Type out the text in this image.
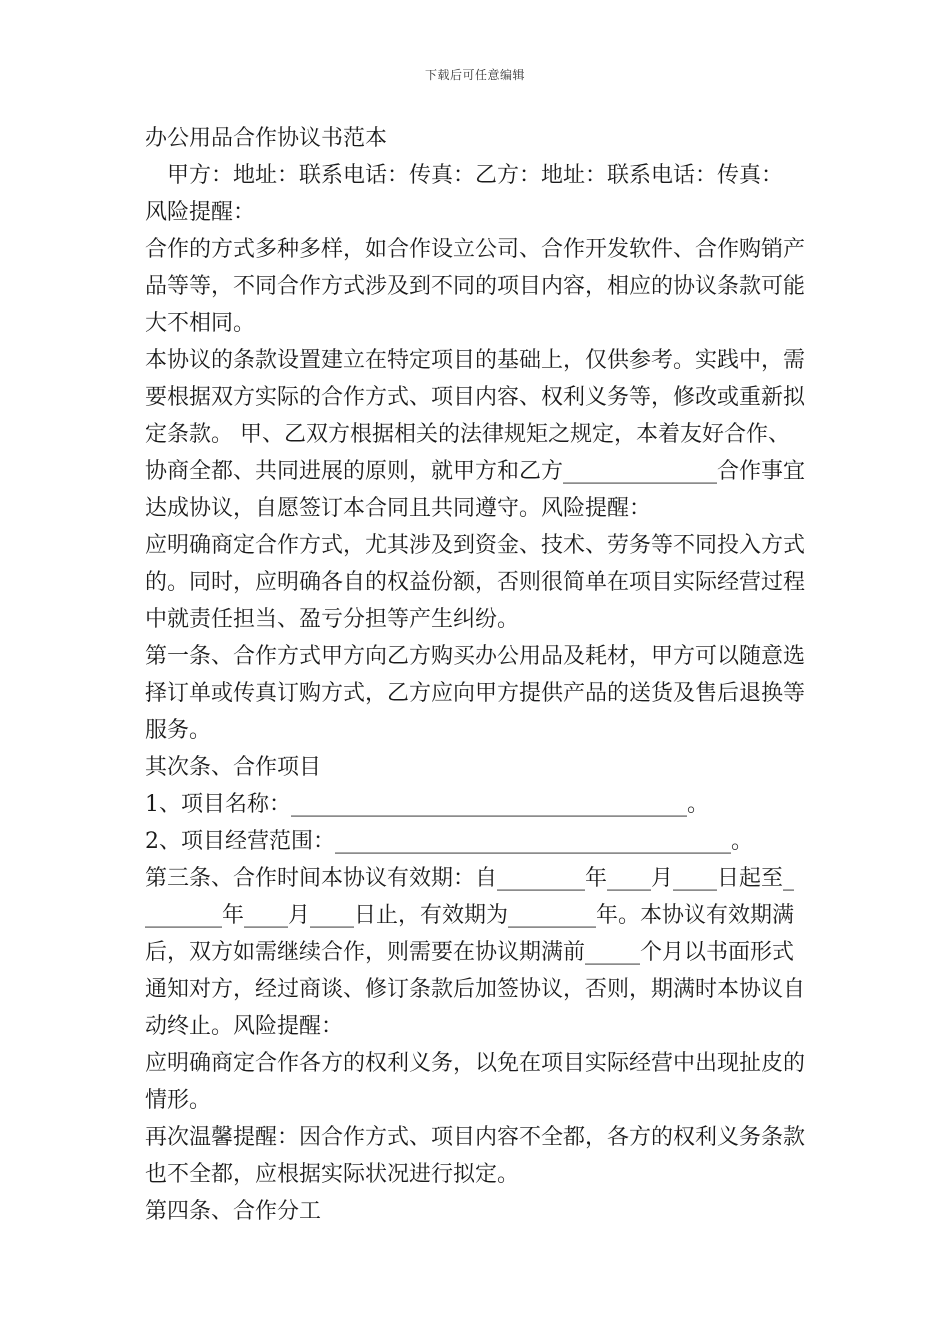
下载后可任意编辑

办公用品合作协议书范本

甲方：地址：联系电话：传真：乙方：地址：联系电话：传真：

风险提醒：

合作的方式多种多样，如合作设立公司、合作开发软件、合作购销产品等等，不同合作方式涉及到不同的项目内容，相应的协议条款可能大不相同。

本协议的条款设置建立在特定项目的基础上，仅供参考。实践中，需要根据双方实际的合作方式、项目内容、权利义务等，修改或重新拟定条款。 甲、乙双方根据相关的法律规矩之规定，本着友好合作、协商全都、共同进展的原则，就甲方和乙方______________合作事宜达成协议，自愿签订本合同且共同遵守。风险提醒：

应明确商定合作方式，尤其涉及到资金、技术、劳务等不同投入方式的。同时，应明确各自的权益份额，否则很简单在项目实际经营过程中就责任担当、盈亏分担等产生纠纷。

第一条、合作方式甲方向乙方购买办公用品及耗材，甲方可以随意选择订单或传真订购方式，乙方应向甲方提供产品的送货及售后退换等服务。

其次条、合作项目

1、项目名称：____________________________________。

2、项目经营范围：____________________________________。

第三条、合作时间本协议有效期：自________年____月____日起至_ _______年____月____日止，有效期为________年。本协议有效期满后，双方如需继续合作，则需要在协议期满前_____个月以书面形式通知对方，经过商谈、修订条款后加签协议，否则，期满时本协议自动终止。风险提醒：

应明确商定合作各方的权利义务，以免在项目实际经营中出现扯皮的情形。

再次温馨提醒：因合作方式、项目内容不全都，各方的权利义务条款也不全都，应根据实际状况进行拟定。

第四条、合作分工
